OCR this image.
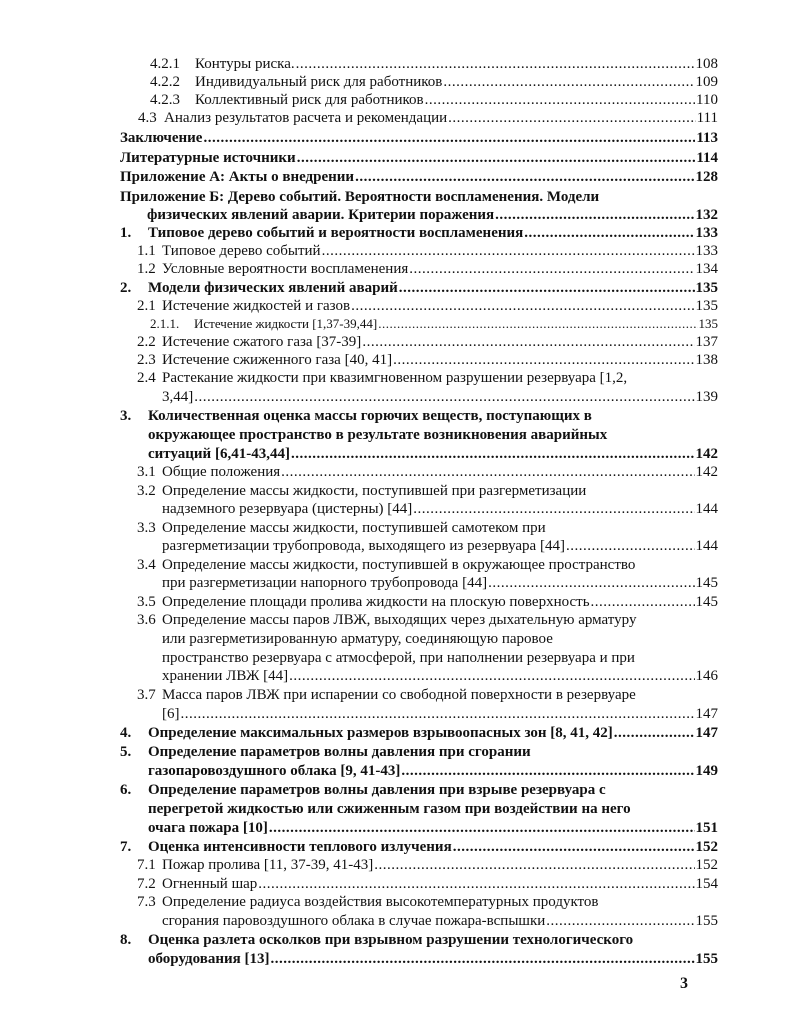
4.2.1	Контуры риска. .....	108
4.2.2	Индивидуальный риск для работников .....	109
4.2.3	Коллективный риск для работников .....	110
4.3 Анализ результатов расчета и рекомендации .....	111
Заключение .....	113
Литературные источники .....	114
Приложение А: Акты о внедрении .....	128
Приложение Б: Дерево событий. Вероятности воспламенения. Модели
физических явлений аварии. Критерии поражения .....	132
1.	Типовое дерево событий и вероятности воспламенения .....	133
1.1 Типовое дерево событий .....	133
1.2 Условные вероятности воспламенения .....	134
2.	Модели физических явлений аварий .....	135
2.1 Истечение жидкостей и газов .....	135
2.1.1.	Истечение жидкости [1,37-39,44] .....	135
2.2 Истечение сжатого газа [37-39] .....	137
2.3 Истечение сжиженного газа [40, 41] .....	138
2.4 Растекание жидкости при квазимгновенном разрушении резервуара [1,2,
3,44] .....	139
3. Количественная оценка массы горючих веществ, поступающих в
окружающее пространство в результате возникновения аварийных
ситуаций [6,41-43,44] .....	142
3.1 Общие положения .....	142
3.2 Определение массы жидкости, поступившей при разгерметизации
надземного резервуара (цистерны) [44] .....	144
3.3 Определение массы жидкости, поступившей самотеком при
разгерметизации трубопровода, выходящего из резервуара [44] .....	144
3.4 Определение массы жидкости, поступившей в окружающее пространство
при разгерметизации напорного трубопровода [44] .....	145
3.5 Определение площади пролива жидкости на плоскую поверхность .....	145
3.6 Определение массы паров ЛВЖ, выходящих через дыхательную арматуру
или разгерметизированную арматуру, соединяющую паровое
пространство резервуара с атмосферой, при наполнении резервуара и при
хранении ЛВЖ [44] .....	146
3.7 Масса паров ЛВЖ при испарении со свободной поверхности в резервуаре
[6] .....	147
4.	Определение максимальных размеров взрывоопасных зон [8, 41, 42] .....	147
5. Определение параметров волны давления при сгорании
газопаровоздушного облака [9, 41-43] .....	149
6. Определение параметров волны давления при взрыве резервуара с
перегретой жидкостью или сжиженным газом при воздействии на него
очага пожара [10] .....	151
7.	Оценка интенсивности теплового излучения .....	152
7.1 Пожар пролива [11, 37-39, 41-43] .....	152
7.2 Огненный шар .....	154
7.3 Определение радиуса воздействия высокотемпературных продуктов
сгорания паровоздушного облака в случае пожара-вспышки .....	155
8. Оценка разлета осколков при взрывном разрушении технологического
оборудования [13] .....	155
3
